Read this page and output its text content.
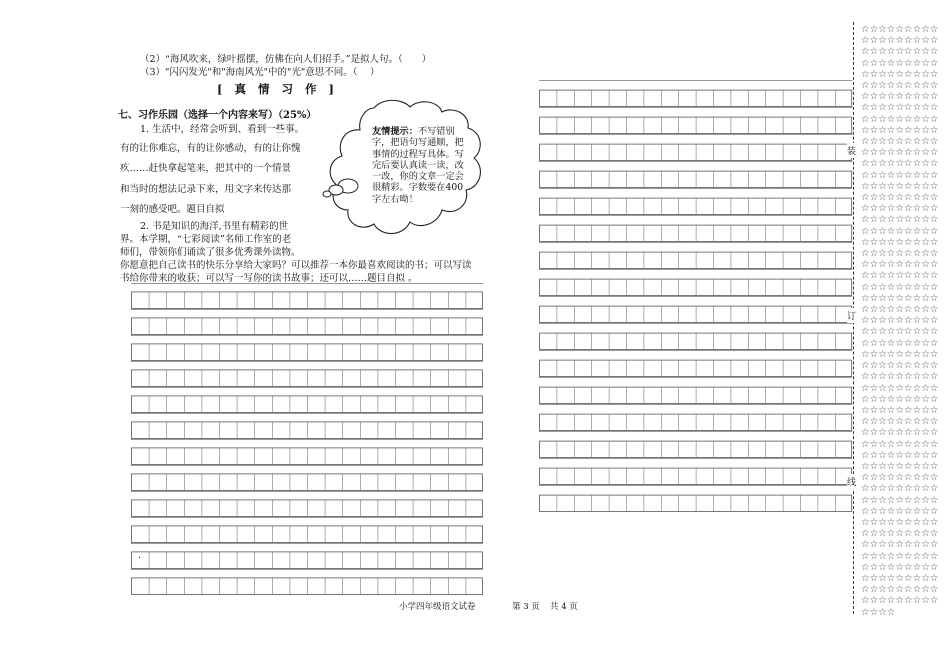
（2）“海风吹来，绿叶摇摆，仿佛在向人们招手。”是拟人句。（　　）
（3）"闪闪发光"和"海南风光"中的"光"意思不同。（　 ）
[ 真 情 习 作 ]
七、习作乐园（选择一个内容来写）（25%）
1. 生活中，经常会听到、看到一些事。
有的让你难忘，有的让你感动，有的让你愧
疚……赶快拿起笔来，把其中的一个情景
和当时的想法记录下来，用文字来传达那
一刻的感受吧。题目自拟
2. 书是知识的海洋,书里有精彩的世
界。本学期，“七彩阅读”名师工作室的老
师们，带领你们诵读了很多优秀课外读物。
你愿意把自己读书的快乐分享给大家吗？可以推荐一本你最喜欢阅读的书；可以写读
书给你带来的收获；可以写一写你的读书故事；还可以……题目自拟 。
友情提示：不写错别
字，把语句写通顺，把
事情的过程写具体。写
完后要认真读一读，改
一改，你的文章一定会
很精彩。字数要在400
字左右呦！
.
装
订
线
☆☆☆☆☆☆☆☆☆
☆☆☆☆☆☆☆☆☆
☆☆☆☆☆☆☆☆☆
☆☆☆☆☆☆☆☆☆
☆☆☆☆☆☆☆☆☆
☆☆☆☆☆☆☆☆☆
☆☆☆☆☆☆☆☆☆
☆☆☆☆☆☆☆☆☆
☆☆☆☆☆☆☆☆☆
☆☆☆☆☆☆☆☆☆
☆☆☆☆☆☆☆☆☆
☆☆☆☆☆☆☆☆☆
☆☆☆☆☆☆☆☆☆
☆☆☆☆☆☆☆☆☆
☆☆☆☆☆☆☆☆☆
☆☆☆☆☆☆☆☆☆
☆☆☆☆☆☆☆☆☆
☆☆☆☆☆☆☆☆☆
☆☆☆☆☆☆☆☆☆
☆☆☆☆☆☆☆☆☆
☆☆☆☆☆☆☆☆☆
☆☆☆☆☆☆☆☆☆
☆☆☆☆☆☆☆☆☆
☆☆☆☆☆☆☆☆☆
☆☆☆☆☆☆☆☆☆
☆☆☆☆☆☆☆☆☆
☆☆☆☆☆☆☆☆☆
☆☆☆☆☆☆☆☆☆
☆☆☆☆☆☆☆☆☆
☆☆☆☆☆☆☆☆☆
☆☆☆☆☆☆☆☆☆
☆☆☆☆☆☆☆☆☆
☆☆☆☆☆☆☆☆☆
☆☆☆☆☆☆☆☆☆
☆☆☆☆☆☆☆☆☆
☆☆☆☆☆☆☆☆☆
☆☆☆☆☆☆☆☆☆
☆☆☆☆☆☆☆☆☆
☆☆☆☆☆☆☆☆☆
☆☆☆☆☆☆☆☆☆
☆☆☆☆☆☆☆☆☆
☆☆☆☆☆☆☆☆☆
☆☆☆☆☆☆☆☆☆
☆☆☆☆☆☆☆☆☆
☆☆☆☆☆☆☆☆☆
☆☆☆☆☆☆☆☆☆
☆☆☆☆☆☆☆☆☆
☆☆☆☆☆☆☆☆☆
☆☆☆☆☆☆☆☆☆
☆☆☆☆☆☆☆☆☆
☆☆☆☆☆☆☆☆☆
☆☆☆☆☆☆☆☆☆
☆☆☆☆
小学四年级语文试卷	第 3 页 共 4 页
